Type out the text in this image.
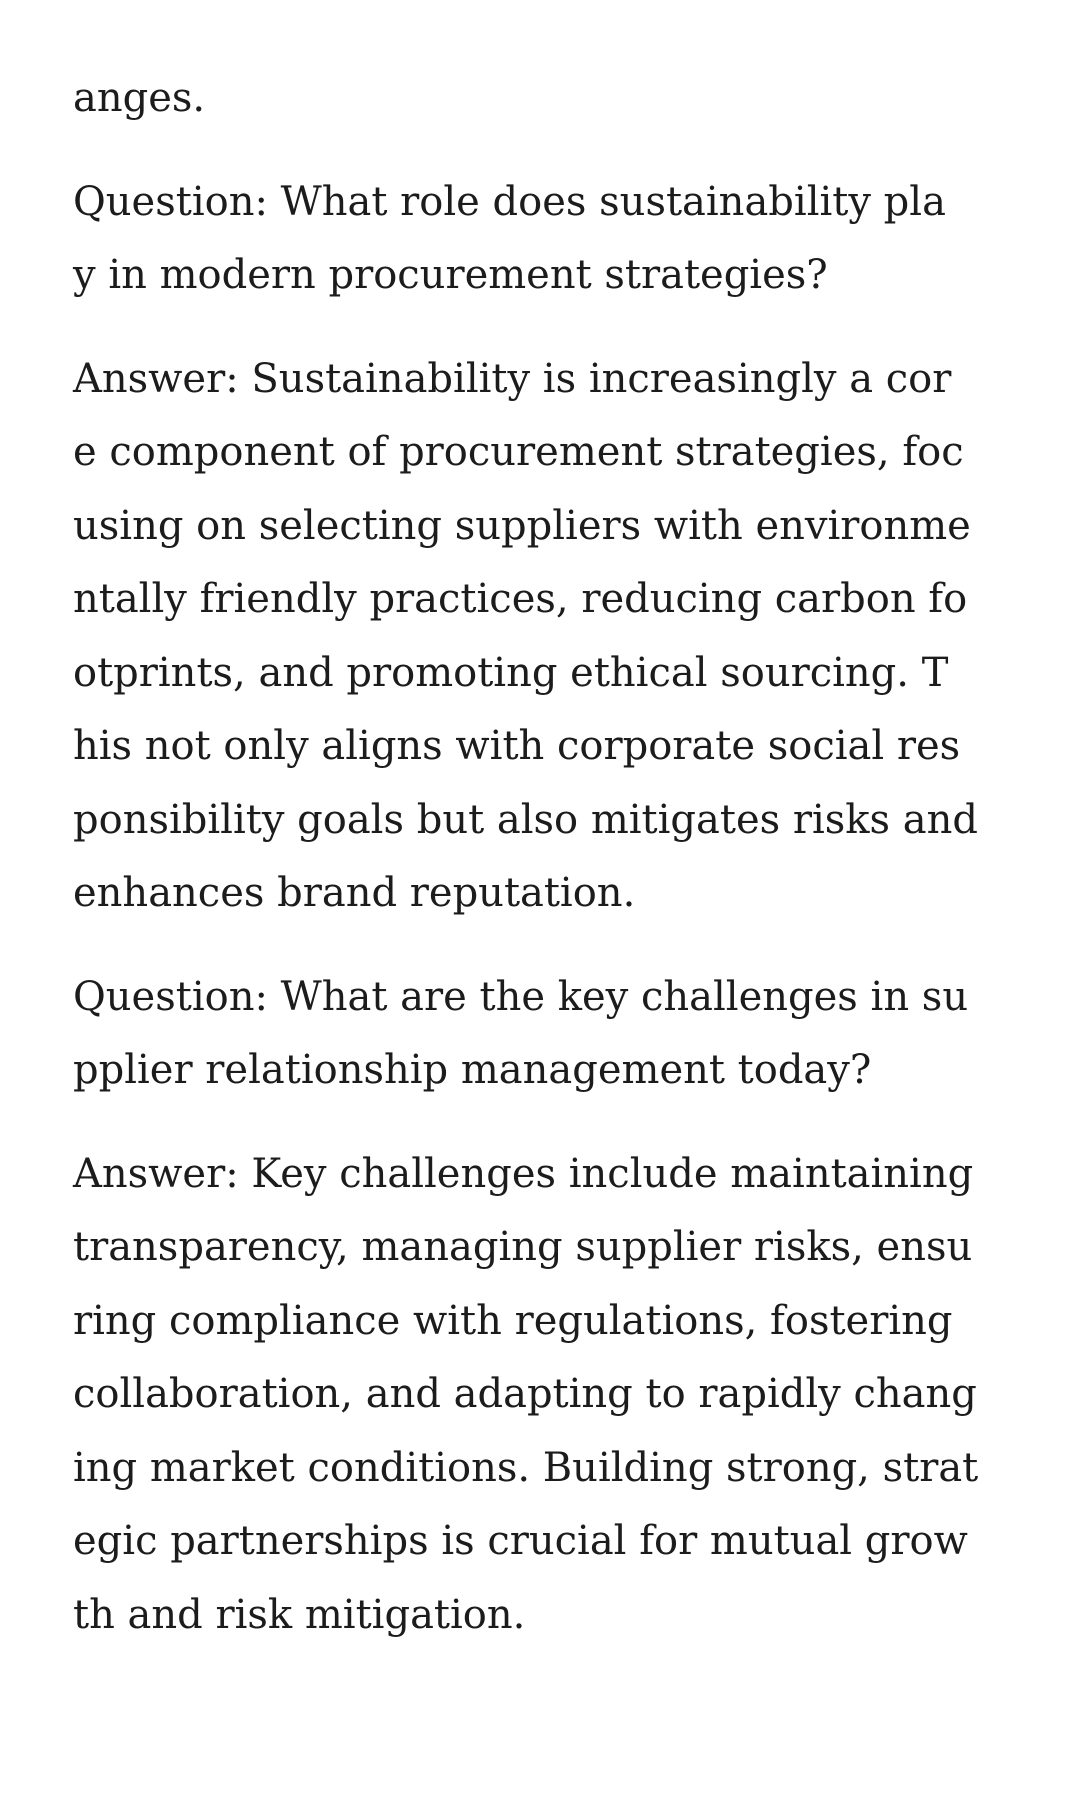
anges.

Question: What role does sustainability pla
y in modern procurement strategies?

Answer: Sustainability is increasingly a cor
e component of procurement strategies, foc
using on selecting suppliers with environme
ntally friendly practices, reducing carbon fo
otprints, and promoting ethical sourcing. T
his not only aligns with corporate social res
ponsibility goals but also mitigates risks and
enhances brand reputation.

Question: What are the key challenges in su
pplier relationship management today?

Answer: Key challenges include maintaining
transparency, managing supplier risks, ensu
ring compliance with regulations, fostering
collaboration, and adapting to rapidly chang
ing market conditions. Building strong, strat
egic partnerships is crucial for mutual grow
th and risk mitigation.
